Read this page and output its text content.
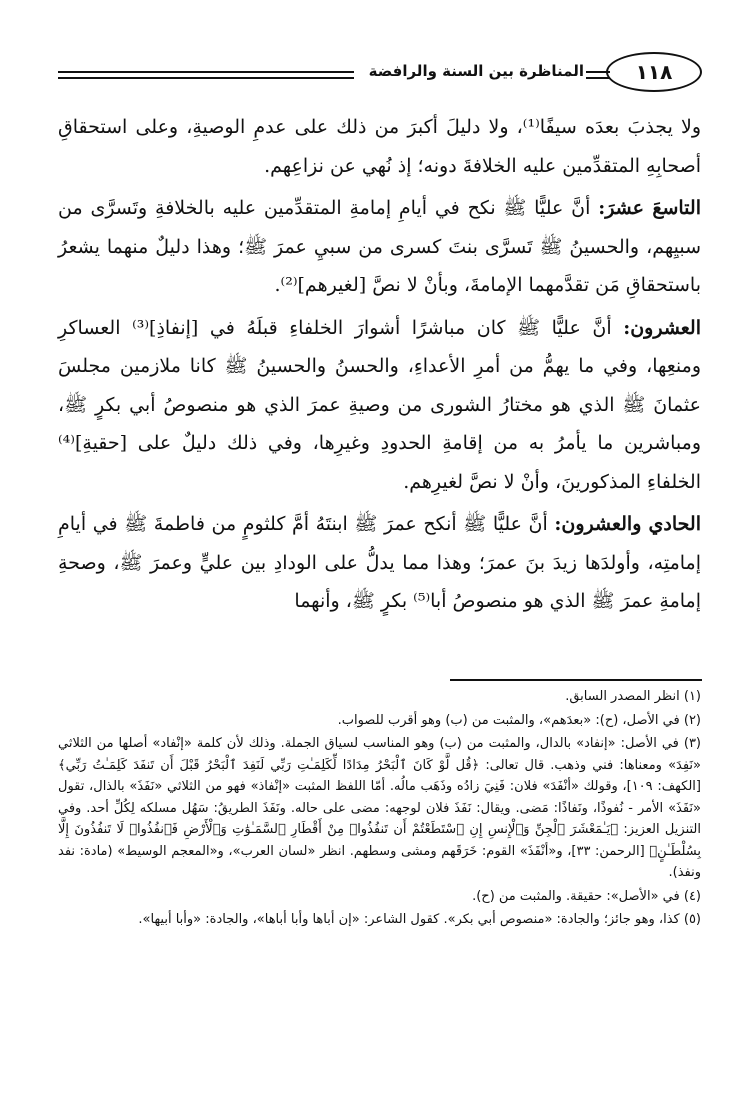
١١٨
المناظرة بين السنة والرافضة

ولا يجذبَ بعدَه سيفًا⁽¹⁾، ولا دليلَ أكبرَ من ذلك على عدمِ الوصيةِ، وعلى استحقاقِ أصحابِهِ المتقدِّمين عليه الخلافةَ دونه؛ إذ نُهي عن نزاعِهم.

التاسعَ عشرَ: أنَّ عليًّا ﷺ نكح في أيامِ إمامةِ المتقدِّمين عليه بالخلافةِ وتَسرَّى من سبيِهم، والحسينُ ﷺ تَسرَّى بنتَ كسرى من سبيِ عمرَ ﷺ؛ وهذا دليلٌ منهما يشعرُ باستحقاقِ مَن تقدَّمهما الإمامةَ، وبأنْ لا نصَّ [لغيرهم]⁽²⁾.

العشرون: أنَّ عليًّا ﷺ كان مباشرًا أشوارَ الخلفاءِ قبلَهُ في [إنفاذِ]⁽³⁾ العساكرِ ومنعِها، وفي ما يهمُّ من أمرِ الأعداءِ، والحسنُ والحسينُ ﷺ كانا ملازمين مجلسَ عثمانَ ﷺ الذي هو مختارُ الشورى من وصيةِ عمرَ الذي هو منصوصُ أبي بكرٍ ﷺ، ومباشرين ما يأمرُ به من إقامةِ الحدودِ وغيرِها، وفي ذلك دليلٌ على [حقيةِ]⁽⁴⁾ الخلفاءِ المذكورينَ، وأنْ لا نصَّ لغيرِهم.

الحادي والعشرون: أنَّ عليًّا ﷺ أنكح عمرَ ﷺ ابنتَهُ أمَّ كلثومٍ من فاطمةَ ﷺ في أيامِ إمامتِه، وأولدَها زيدَ بنَ عمرَ؛ وهذا مما يدلُّ على الودادِ بين عليٍّ وعمرَ ﷺ، وصحةِ إمامةِ عمرَ ﷺ الذي هو منصوصُ أبا⁽⁵⁾ بكرٍ ﷺ، وأنهما

(١) انظر المصدر السابق.

(٢) في الأصل، (ح): «بعدَهم»، والمثبت من (ب) وهو أقرب للصواب.

(٣) في الأصل: «إنفاد» بالدال، والمثبت من (ب) وهو المناسب لسياق الجملة. وذلك لأن كلمة «إنْفاد» أصلها من الثلاثي «نَفِدَ» ومعناها: فني وذهب. قال تعالى: ﴿قُل لَّوْ كَانَ ٱلْبَحْرُ مِدَادًا لِّكَلِمَـٰتِ رَبِّي لَنَفِدَ ٱلْبَحْرُ قَبْلَ أَن تَنفَدَ كَلِمَـٰتُ رَبِّي﴾ [الكهف: ١٠٩]، وقولك «أنْفَدَ» فلان: فَنِيَ زادُه وذَهَب مالُه. أمّا اللفظ المثبت «إنْفاذ» فهو من الثلاثي «نَفَذَ» بالذال، تقول «نَفَذَ» الأمر - نُفوذًا، ونَفاذًا: مَضى. ويقال: نَفَذَ فلان لوجهه: مضى على حاله. ونَفَذَ الطريقُ: سَهُل مسلكه لِكُلِّ أحد. وفي التنزيل العزيز: ﴿يَـٰمَعْشَرَ ٱلْجِنِّ وَٱلْإِنسِ إِنِ ٱسْتَطَعْتُمْ أَن تَنفُذُوا۟ مِنْ أَقْطَارِ ٱلسَّمَـٰوَٰتِ وَٱلْأَرْضِ فَٱنفُذُوا۟ لَا تَنفُذُونَ إِلَّا بِسُلْطَـٰنٍ﴾ [الرحمن: ٣٣]، و«أنْفَذَ» القوم: خَرَقَهم ومشى وسطهم. انظر «لسان العرب»، و«المعجم الوسيط» (مادة: نفد ونفذ).

(٤) في «الأصل»: حقيقة. والمثبت من (ح).

(٥) كذا، وهو جائز؛ والجادة: «منصوص أبي بكر». كقول الشاعر: «إن أباها وأبا أباها»، والجادة: «وأبا أبيها».
